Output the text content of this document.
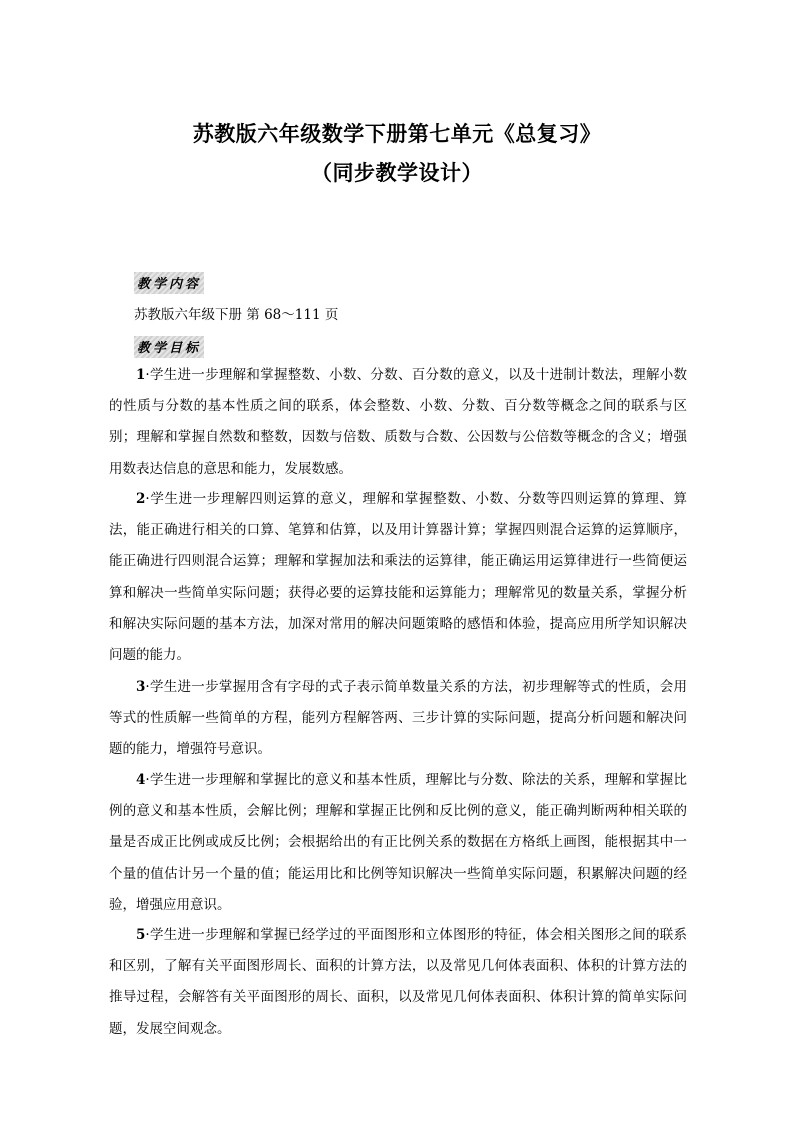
苏教版六年级数学下册第七单元《总复习》
（同步教学设计）
教学内容
苏教版六年级下册 第 68～111 页
教学目标

1·学生进一步理解和掌握整数、小数、分数、百分数的意义，以及十进制计数法，理解小数的性质与分数的基本性质之间的联系，体会整数、小数、分数、百分数等概念之间的联系与区别；理解和掌握自然数和整数，因数与倍数、质数与合数、公因数与公倍数等概念的含义；增强用数表达信息的意思和能力，发展数感。

2·学生进一步理解四则运算的意义，理解和掌握整数、小数、分数等四则运算的算理、算法，能正确进行相关的口算、笔算和估算，以及用计算器计算；掌握四则混合运算的运算顺序，能正确进行四则混合运算；理解和掌握加法和乘法的运算律，能正确运用运算律进行一些简便运算和解决一些简单实际问题；获得必要的运算技能和运算能力；理解常见的数量关系，掌握分析和解决实际问题的基本方法，加深对常用的解决问题策略的感悟和体验，提高应用所学知识解决问题的能力。

3·学生进一步掌握用含有字母的式子表示简单数量关系的方法，初步理解等式的性质，会用等式的性质解一些简单的方程，能列方程解答两、三步计算的实际问题，提高分析问题和解决问题的能力，增强符号意识。

4·学生进一步理解和掌握比的意义和基本性质，理解比与分数、除法的关系，理解和掌握比例的意义和基本性质，会解比例；理解和掌握正比例和反比例的意义，能正确判断两种相关联的量是否成正比例或成反比例；会根据给出的有正比例关系的数据在方格纸上画图，能根据其中一个量的值估计另一个量的值；能运用比和比例等知识解决一些简单实际问题，积累解决问题的经验，增强应用意识。

5·学生进一步理解和掌握已经学过的平面图形和立体图形的特征，体会相关图形之间的联系和区别，了解有关平面图形周长、面积的计算方法，以及常见几何体表面积、体积的计算方法的推导过程，会解答有关平面图形的周长、面积，以及常见几何体表面积、体积计算的简单实际问题，发展空间观念。
